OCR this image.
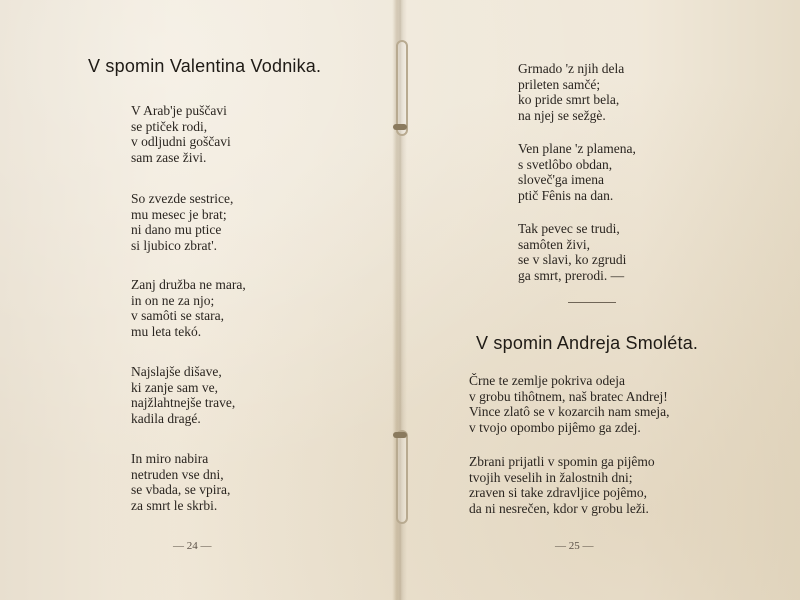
V spomin Valentina Vodnika.
V Arab'je puščavi
se ptiček rodi,
v odljudni goščavi
sam zase živi.
So zvezde sestrice,
mu mesec je brat;
ni dano mu ptice
si ljubico zbrat'.
Zanj družba ne mara,
in on ne za njo;
v samôti se stara,
mu leta tekó.
Najslajše dišave,
ki zanje sam ve,
najžlahtnejše trave,
kadila dragé.
In miro nabira
netruden vse dni,
se vbada, se vpira,
za smrt le skrbi.
— 24 —
Grmado 'z njih dela
prileten samčé;
ko pride smrt bela,
na njej se sežgè.
Ven plane 'z plamena,
s svetlôbo obdan,
sloveč'ga imena
ptič Fênis na dan.
Tak pevec se trudi,
samôten živi,
se v slavi, ko zgrudi
ga smrt, prerodi. —
V spomin Andreja Smoléta.
Črne te zemlje pokriva odeja
v grobu tihôtnem, naš bratec Andrej!
Vince zlatô se v kozarcih nam smeja,
v tvojo opombo pijêmo ga zdej.
Zbrani prijatli v spomin ga pijêmo
tvojih veselih in žalostnih dni;
zraven si take zdravljice pojêmo,
da ni nesrečen, kdor v grobu leži.
— 25 —
